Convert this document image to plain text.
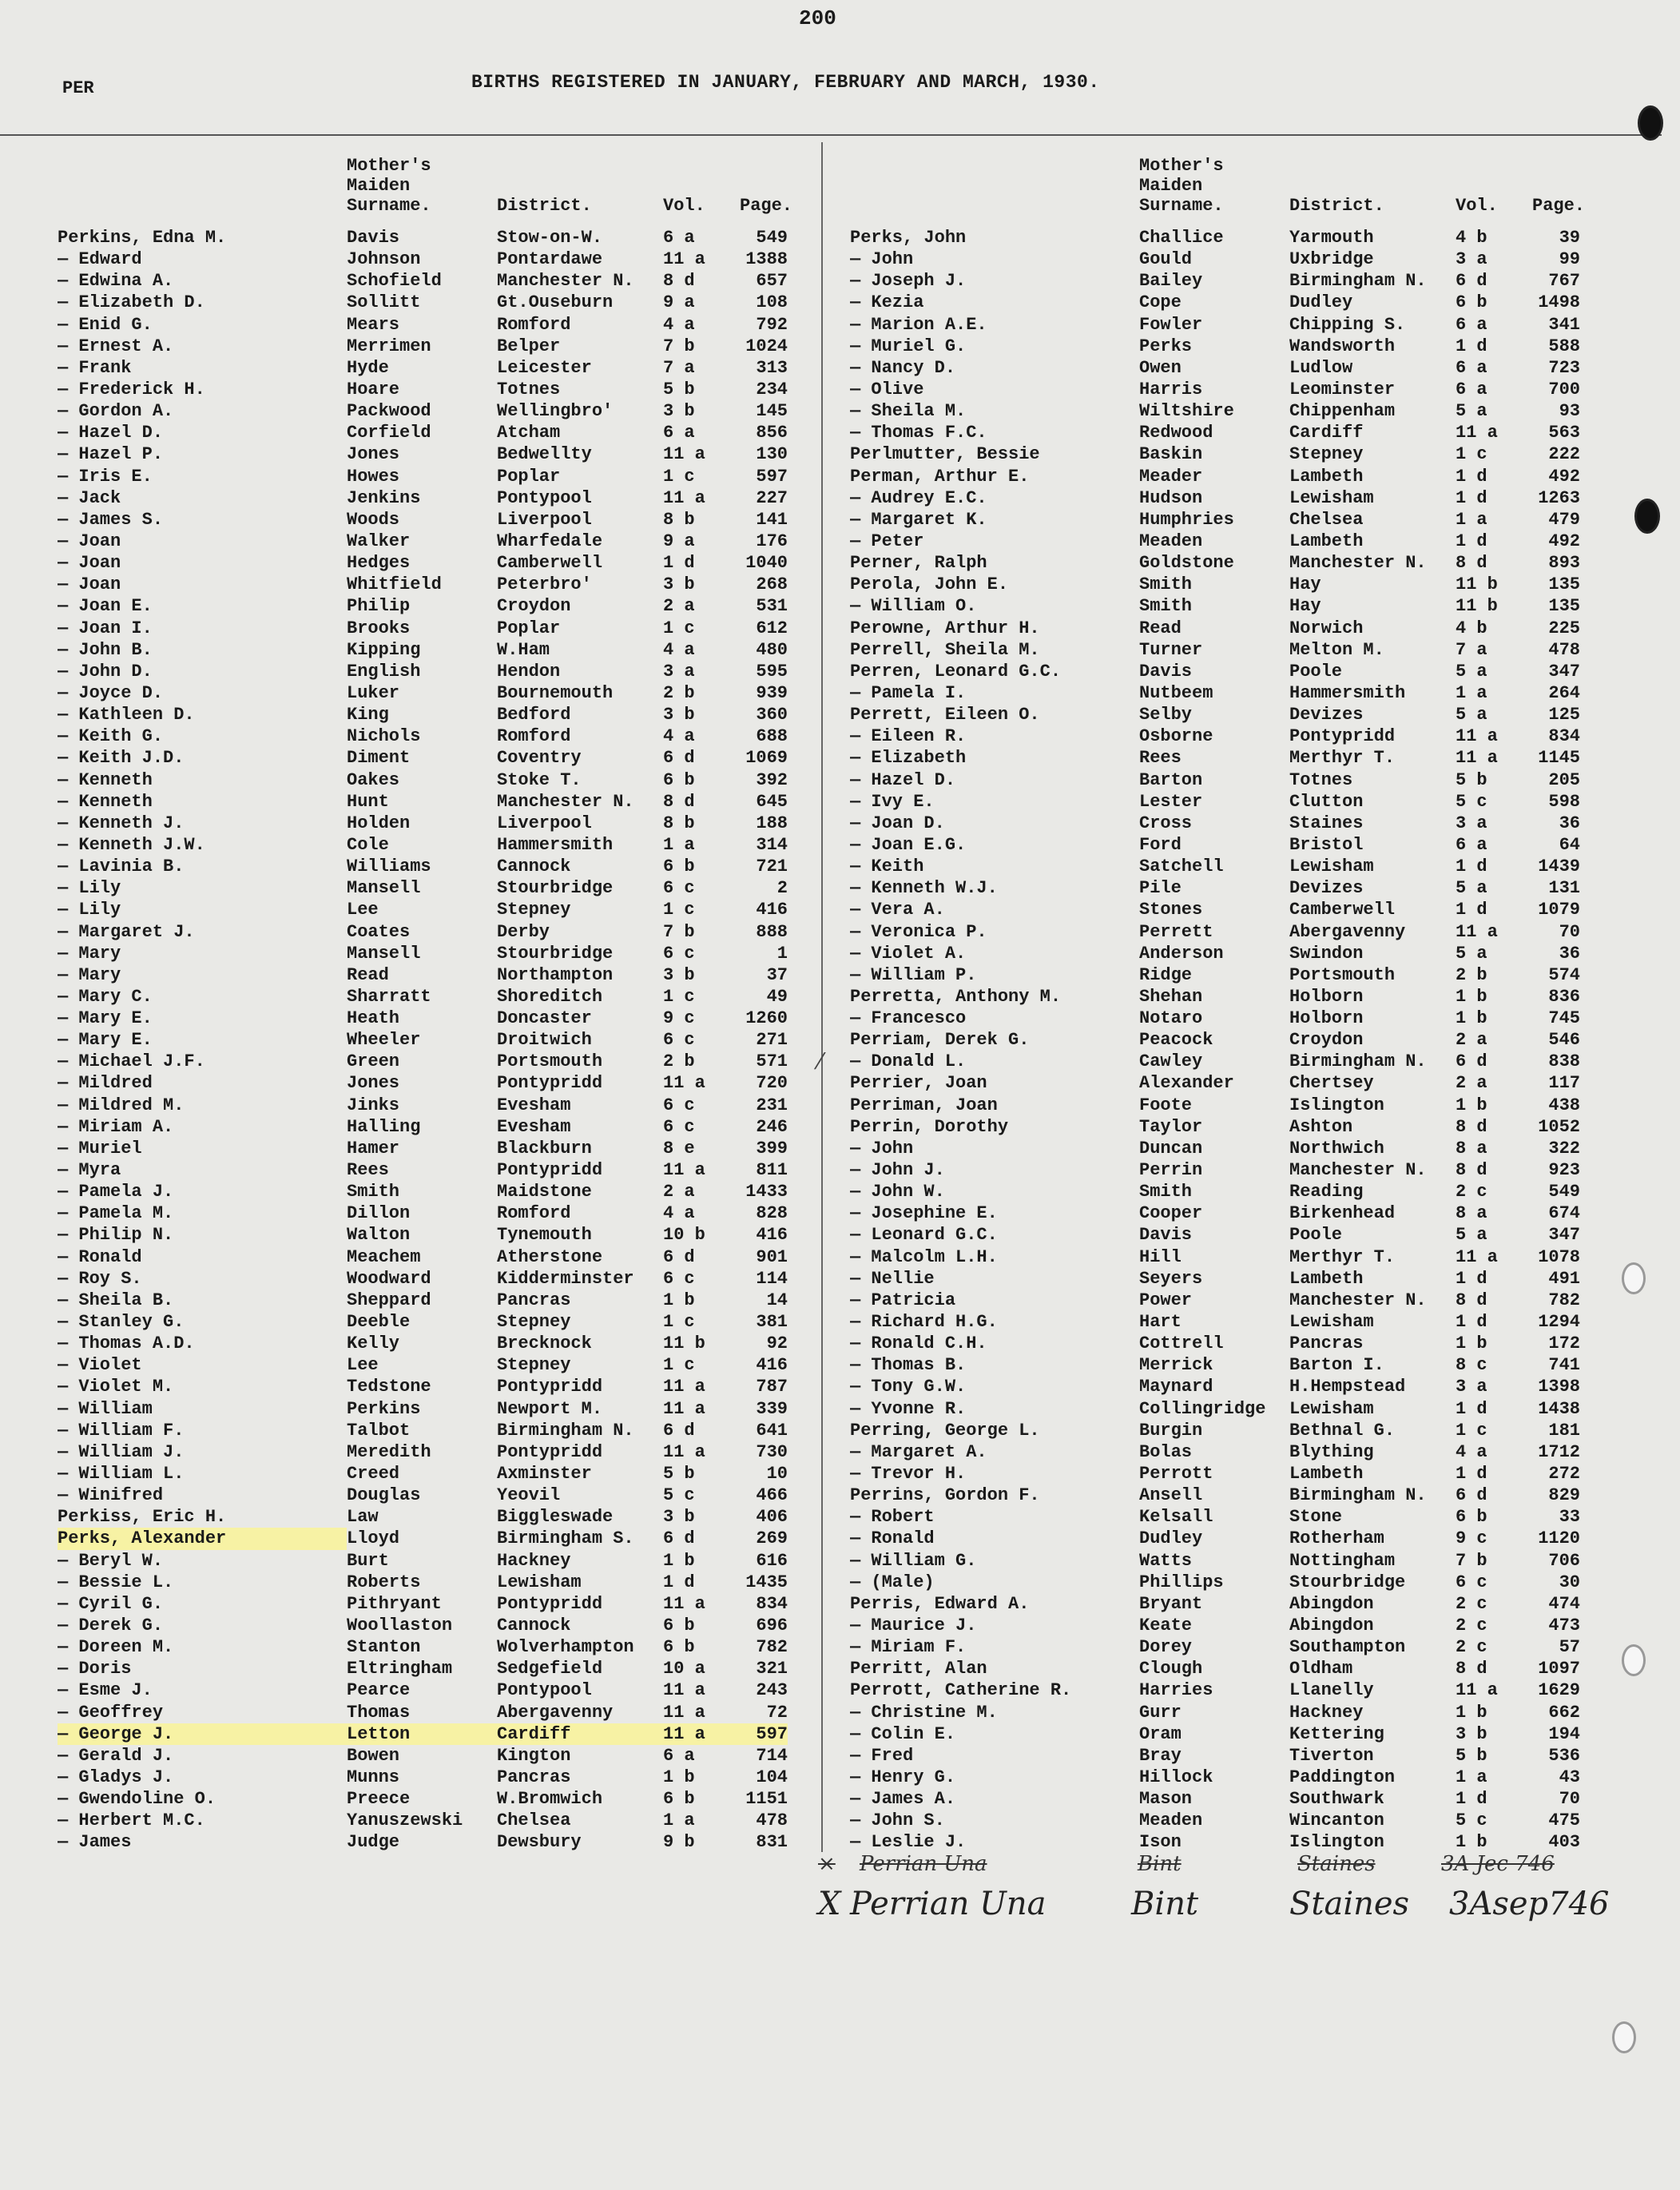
200
PER	BIRTHS REGISTERED IN JANUARY, FEBRUARY AND MARCH, 1930.
Mother's
Maiden
Surname.	District.	Vol.	Page.
Perkins, Edna M.	Davis	Stow-on-W.	6 a	549
— Edward	Johnson	Pontardawe	11 a	1388
— Edwina A.	Schofield	Manchester N.	8 d	657
— Elizabeth D.	Sollitt	Gt.Ouseburn	9 a	108
— Enid G.	Mears	Romford	4 a	792
— Ernest A.	Merrimen	Belper	7 b	1024
— Frank	Hyde	Leicester	7 a	313
— Frederick H.	Hoare	Totnes	5 b	234
— Gordon A.	Packwood	Wellingbro'	3 b	145
— Hazel D.	Corfield	Atcham	6 a	856
— Hazel P.	Jones	Bedwellty	11 a	130
— Iris E.	Howes	Poplar	1 c	597
— Jack	Jenkins	Pontypool	11 a	227
— James S.	Woods	Liverpool	8 b	141
— Joan	Walker	Wharfedale	9 a	176
— Joan	Hedges	Camberwell	1 d	1040
— Joan	Whitfield	Peterbro'	3 b	268
— Joan E.	Philip	Croydon	2 a	531
— Joan I.	Brooks	Poplar	1 c	612
— John B.	Kipping	W.Ham	4 a	480
— John D.	English	Hendon	3 a	595
— Joyce D.	Luker	Bournemouth	2 b	939
— Kathleen D.	King	Bedford	3 b	360
— Keith G.	Nichols	Romford	4 a	688
— Keith J.D.	Diment	Coventry	6 d	1069
— Kenneth	Oakes	Stoke T.	6 b	392
— Kenneth	Hunt	Manchester N.	8 d	645
— Kenneth J.	Holden	Liverpool	8 b	188
— Kenneth J.W.	Cole	Hammersmith	1 a	314
— Lavinia B.	Williams	Cannock	6 b	721
— Lily	Mansell	Stourbridge	6 c	2
— Lily	Lee	Stepney	1 c	416
— Margaret J.	Coates	Derby	7 b	888
— Mary	Mansell	Stourbridge	6 c	1
— Mary	Read	Northampton	3 b	37
— Mary C.	Sharratt	Shoreditch	1 c	49
— Mary E.	Heath	Doncaster	9 c	1260
— Mary E.	Wheeler	Droitwich	6 c	271
— Michael J.F.	Green	Portsmouth	2 b	571
— Mildred	Jones	Pontypridd	11 a	720
— Mildred M.	Jinks	Evesham	6 c	231
— Miriam A.	Halling	Evesham	6 c	246
— Muriel	Hamer	Blackburn	8 e	399
— Myra	Rees	Pontypridd	11 a	811
— Pamela J.	Smith	Maidstone	2 a	1433
— Pamela M.	Dillon	Romford	4 a	828
— Philip N.	Walton	Tynemouth	10 b	416
— Ronald	Meachem	Atherstone	6 d	901
— Roy S.	Woodward	Kidderminster	6 c	114
— Sheila B.	Sheppard	Pancras	1 b	14
— Stanley G.	Deeble	Stepney	1 c	381
— Thomas A.D.	Kelly	Brecknock	11 b	92
— Violet	Lee	Stepney	1 c	416
— Violet M.	Tedstone	Pontypridd	11 a	787
— William	Perkins	Newport M.	11 a	339
— William F.	Talbot	Birmingham N.	6 d	641
— William J.	Meredith	Pontypridd	11 a	730
— William L.	Creed	Axminster	5 b	10
— Winifred	Douglas	Yeovil	5 c	466
Perkiss, Eric H.	Law	Biggleswade	3 b	406
Perks, Alexander	Lloyd	Birmingham S.	6 d	269
— Beryl W.	Burt	Hackney	1 b	616
— Bessie L.	Roberts	Lewisham	1 d	1435
— Cyril G.	Pithryant	Pontypridd	11 a	834
— Derek G.	Woollaston	Cannock	6 b	696
— Doreen M.	Stanton	Wolverhampton	6 b	782
— Doris	Eltringham	Sedgefield	10 a	321
— Esme J.	Pearce	Pontypool	11 a	243
— Geoffrey	Thomas	Abergavenny	11 a	72
— George J.	Letton	Cardiff	11 a	597
— Gerald J.	Bowen	Kington	6 a	714
— Gladys J.	Munns	Pancras	1 b	104
— Gwendoline O.	Preece	W.Bromwich	6 b	1151
— Herbert M.C.	Yanuszewski	Chelsea	1 a	478
— James	Judge	Dewsbury	9 b	831
Mother's
Maiden
Surname.	District.	Vol.	Page.
Perks, John	Challice	Yarmouth	4 b	39
— John	Gould	Uxbridge	3 a	99
— Joseph J.	Bailey	Birmingham N.	6 d	767
— Kezia	Cope	Dudley	6 b	1498
— Marion A.E.	Fowler	Chipping S.	6 a	341
— Muriel G.	Perks	Wandsworth	1 d	588
— Nancy D.	Owen	Ludlow	6 a	723
— Olive	Harris	Leominster	6 a	700
— Sheila M.	Wiltshire	Chippenham	5 a	93
— Thomas F.C.	Redwood	Cardiff	11 a	563
Perlmutter, Bessie	Baskin	Stepney	1 c	222
Perman, Arthur E.	Meader	Lambeth	1 d	492
— Audrey E.C.	Hudson	Lewisham	1 d	1263
— Margaret K.	Humphries	Chelsea	1 a	479
— Peter	Meaden	Lambeth	1 d	492
Perner, Ralph	Goldstone	Manchester N.	8 d	893
Perola, John E.	Smith	Hay	11 b	135
— William O.	Smith	Hay	11 b	135
Perowne, Arthur H.	Read	Norwich	4 b	225
Perrell, Sheila M.	Turner	Melton M.	7 a	478
Perren, Leonard G.C.	Davis	Poole	5 a	347
— Pamela I.	Nutbeem	Hammersmith	1 a	264
Perrett, Eileen O.	Selby	Devizes	5 a	125
— Eileen R.	Osborne	Pontypridd	11 a	834
— Elizabeth	Rees	Merthyr T.	11 a	1145
— Hazel D.	Barton	Totnes	5 b	205
— Ivy E.	Lester	Clutton	5 c	598
— Joan D.	Cross	Staines	3 a	36
— Joan E.G.	Ford	Bristol	6 a	64
— Keith	Satchell	Lewisham	1 d	1439
— Kenneth W.J.	Pile	Devizes	5 a	131
— Vera A.	Stones	Camberwell	1 d	1079
— Veronica P.	Perrett	Abergavenny	11 a	70
— Violet A.	Anderson	Swindon	5 a	36
— William P.	Ridge	Portsmouth	2 b	574
Perretta, Anthony M.	Shehan	Holborn	1 b	836
— Francesco	Notaro	Holborn	1 b	745
Perriam, Derek G.	Peacock	Croydon	2 a	546
— Donald L.	Cawley	Birmingham N.	6 d	838
Perrier, Joan	Alexander	Chertsey	2 a	117
Perriman, Joan	Foote	Islington	1 b	438
Perrin, Dorothy	Taylor	Ashton	8 d	1052
— John	Duncan	Northwich	8 a	322
— John J.	Perrin	Manchester N.	8 d	923
— John W.	Smith	Reading	2 c	549
— Josephine E.	Cooper	Birkenhead	8 a	674
— Leonard G.C.	Davis	Poole	5 a	347
— Malcolm L.H.	Hill	Merthyr T.	11 a	1078
— Nellie	Seyers	Lambeth	1 d	491
— Patricia	Power	Manchester N.	8 d	782
— Richard H.G.	Hart	Lewisham	1 d	1294
— Ronald C.H.	Cottrell	Pancras	1 b	172
— Thomas B.	Merrick	Barton I.	8 c	741
— Tony G.W.	Maynard	H.Hempstead	3 a	1398
— Yvonne R.	Collingridge	Lewisham	1 d	1438
Perring, George L.	Burgin	Bethnal G.	1 c	181
— Margaret A.	Bolas	Blything	4 a	1712
— Trevor H.	Perrott	Lambeth	1 d	272
Perrins, Gordon F.	Ansell	Birmingham N.	6 d	829
— Robert	Kelsall	Stone	6 b	33
— Ronald	Dudley	Rotherham	9 c	1120
— William G.	Watts	Nottingham	7 b	706
— (Male)	Phillips	Stourbridge	6 c	30
Perris, Edward A.	Bryant	Abingdon	2 c	474
— Maurice J.	Keate	Abingdon	2 c	473
— Miriam F.	Dorey	Southampton	2 c	57
Perritt, Alan	Clough	Oldham	8 d	1097
Perrott, Catherine R.	Harries	Llanelly	11 a	1629
— Christine M.	Gurr	Hackney	1 b	662
— Colin E.	Oram	Kettering	3 b	194
— Fred	Bray	Tiverton	5 b	536
— Henry G.	Hillock	Paddington	1 a	43
— James A.	Mason	Southwark	1 d	70
— John S.	Meaden	Wincanton	5 c	475
— Leslie J.	Ison	Islington	1 b	403
× Perrian Una	Bint	Staines	3A Jec 746
X Perrian Una	Bint	Staines 3Asep746
⁄
